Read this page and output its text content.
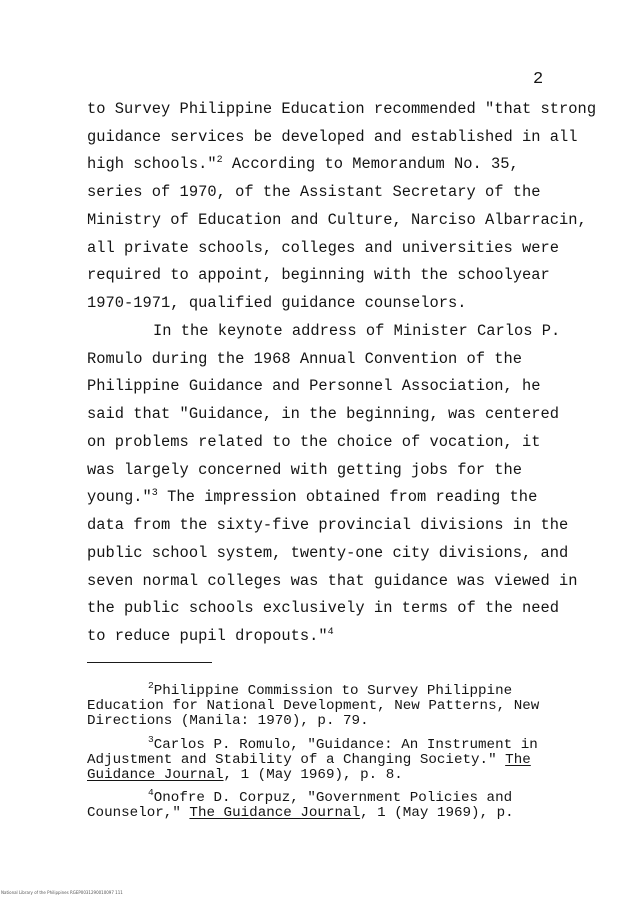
2
to Survey Philippine Education recommended "that strong
guidance services be developed and established in all
high schools."$^2$ According to Memorandum No. 35,
series of 1970, of the Assistant Secretary of the
Ministry of Education and Culture, Narciso Albarracin,
all private schools, colleges and universities were
required to appoint, beginning with the schoolyear
1970-1971, qualified guidance counselors.
In the keynote address of Minister Carlos P.
Romulo during the 1968 Annual Convention of the
Philippine Guidance and Personnel Association, he
said that "Guidance, in the beginning, was centered
on problems related to the choice of vocation, it
was largely concerned with getting jobs for the
young."$^3$ The impression obtained from reading the
data from the sixty-five provincial divisions in the
public school system, twenty-one city divisions, and
seven normal colleges was that guidance was viewed in
the public schools exclusively in terms of the need
to reduce pupil dropouts."$^4$
$^2$Philippine Commission to Survey Philippine
Education for National Development, New Patterns, New
Directions (Manila: 1970), p. 79.
$^3$Carlos P. Romulo, "Guidance: An Instrument in
Adjustment and Stability of a Changing Society." The
Guidance Journal, 1 (May 1969), p. 8.
$^4$Onofre D. Corpuz, "Government Policies and
Counselor," The Guidance Journal, 1 (May 1969), p.
National Library of the Philippines RGEP0031290010097 111
